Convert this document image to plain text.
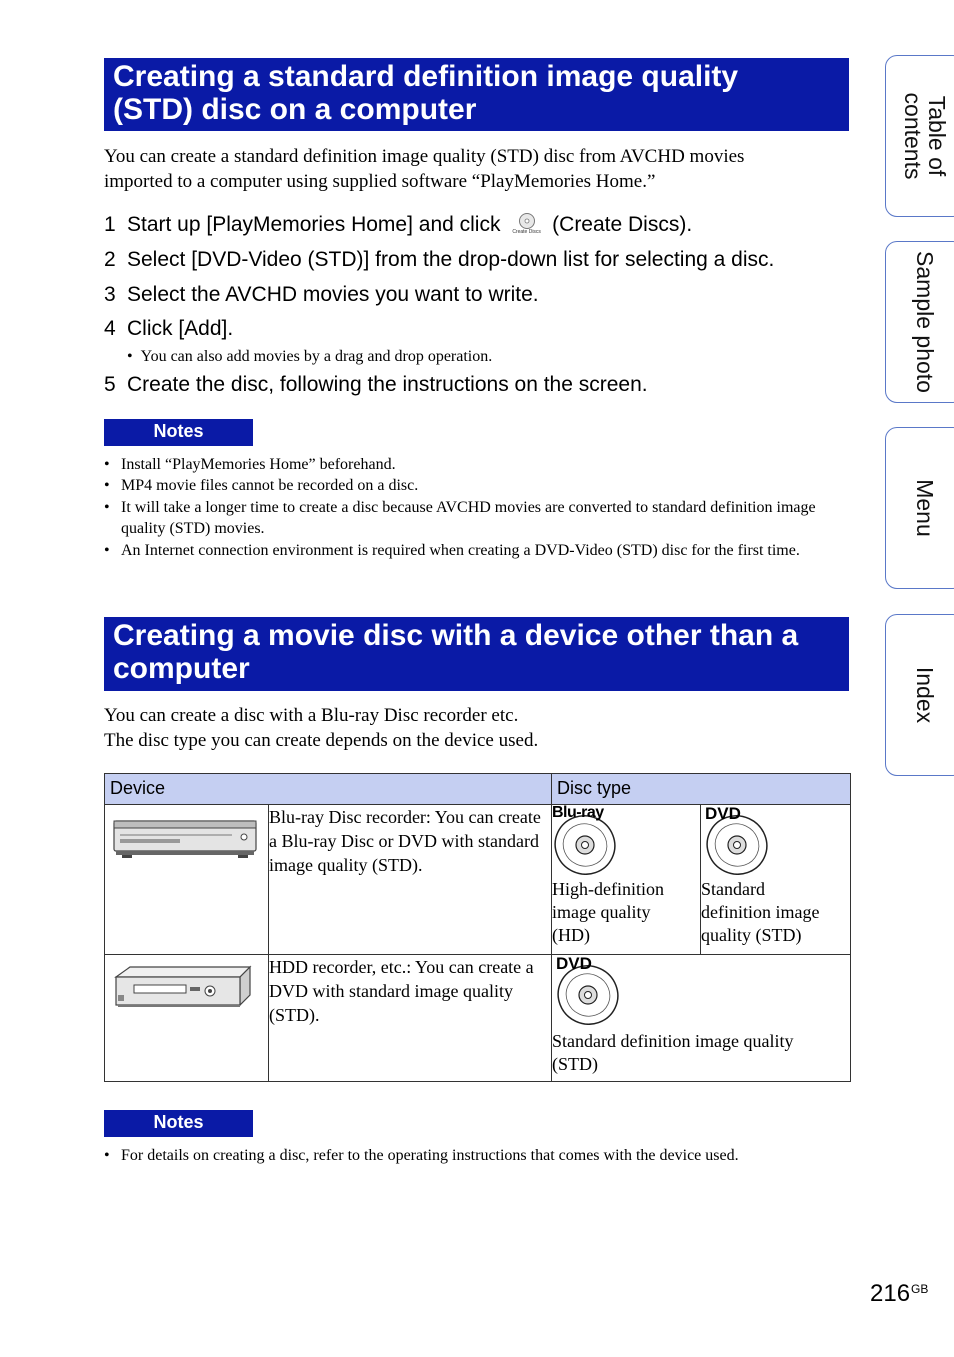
Creating a standard definition image quality
(STD) disc on a computer
You can create a standard definition image quality (STD) disc from AVCHD movies
imported to a computer using supplied software “PlayMemories Home.”
1 Start up [PlayMemories Home] and click Create Discs (Create Discs).
2 Select [DVD-Video (STD)] from the drop-down list for selecting a disc.
3 Select the AVCHD movies you want to write.
4 Click [Add].
•  You can also add movies by a drag and drop operation.
5 Create the disc, following the instructions on the screen.
Notes
• Install “PlayMemories Home” beforehand.
• MP4 movie files cannot be recorded on a disc.
• It will take a longer time to create a disc because AVCHD movies are converted to standard definition image quality (STD) movies.
• An Internet connection environment is required when creating a DVD-Video (STD) disc for the first time.
Creating a movie disc with a device other than a
computer
You can create a disc with a Blu-ray Disc recorder etc.
The disc type you can create depends on the device used.
Device		Disc type	

	Blu-ray Disc recorder: You can create a Blu-ray Disc or DVD with standard image quality (STD).	Blu-ray
High-definition
image quality
(HD)	DVD
Standard
definition image
quality (STD)

	HDD recorder, etc.: You can create a DVD with standard image quality (STD).	DVD
Standard definition image quality
(STD)	
Notes
• For details on creating a disc, refer to the operating instructions that comes with the device used.
Table of
contents
Sample photo
Menu
Index
$216^{GB}$
